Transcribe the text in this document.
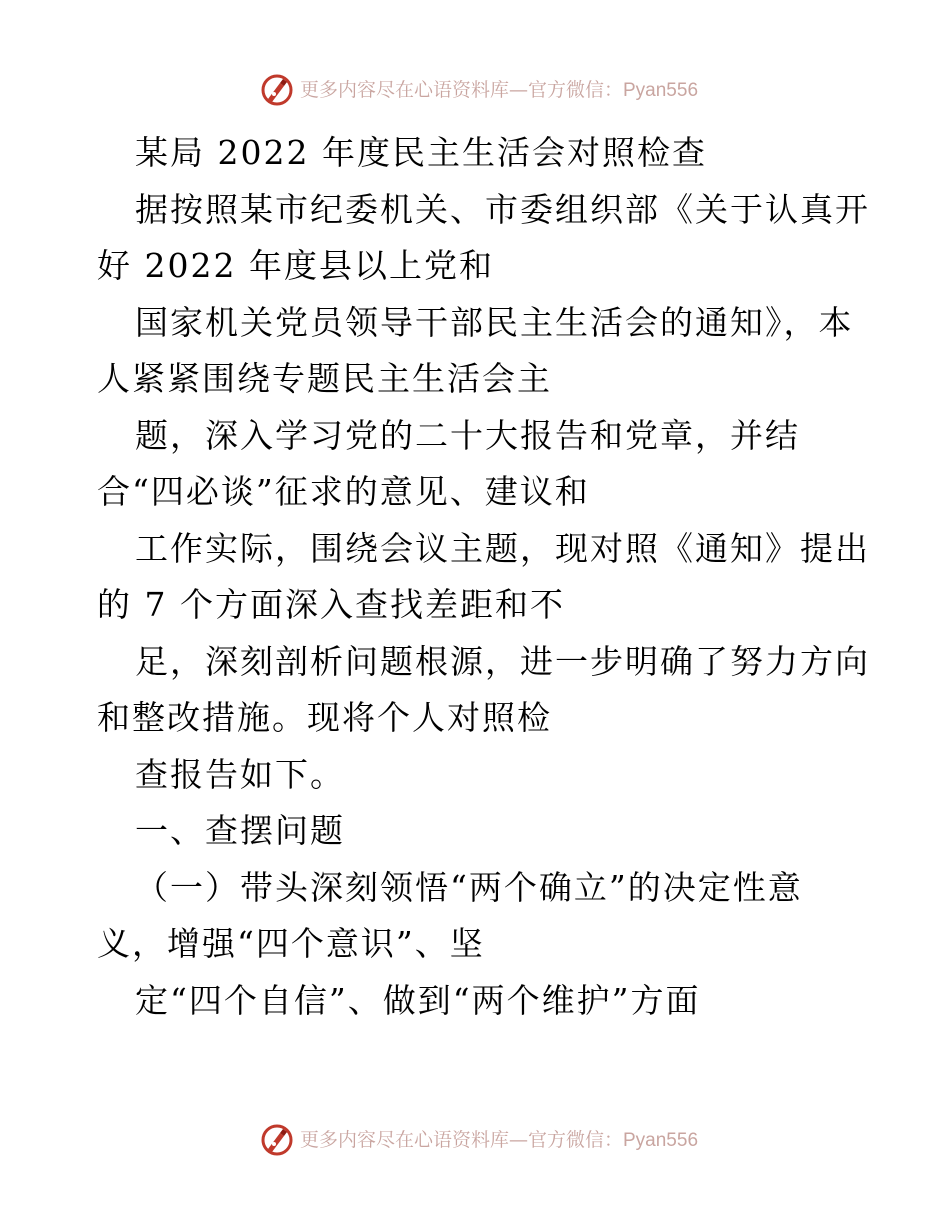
更多内容尽在心语资料库—官方微信：Pyan556
某局 2022 年度民主生活会对照检查
据按照某市纪委机关、市委组织部《关于认真开
好 2022 年度县以上党和
国家机关党员领导干部民主生活会的通知》，本
人紧紧围绕专题民主生活会主
题，深入学习党的二十大报告和党章，并结
合“四必谈”征求的意见、建议和
工作实际，围绕会议主题，现对照《通知》提出
的 7 个方面深入查找差距和不
足，深刻剖析问题根源，进一步明确了努力方向
和整改措施。现将个人对照检
查报告如下。
一、查摆问题
（一）带头深刻领悟“两个确立”的决定性意
义，增强“四个意识”、坚
定“四个自信”、做到“两个维护”方面
更多内容尽在心语资料库—官方微信：Pyan556
